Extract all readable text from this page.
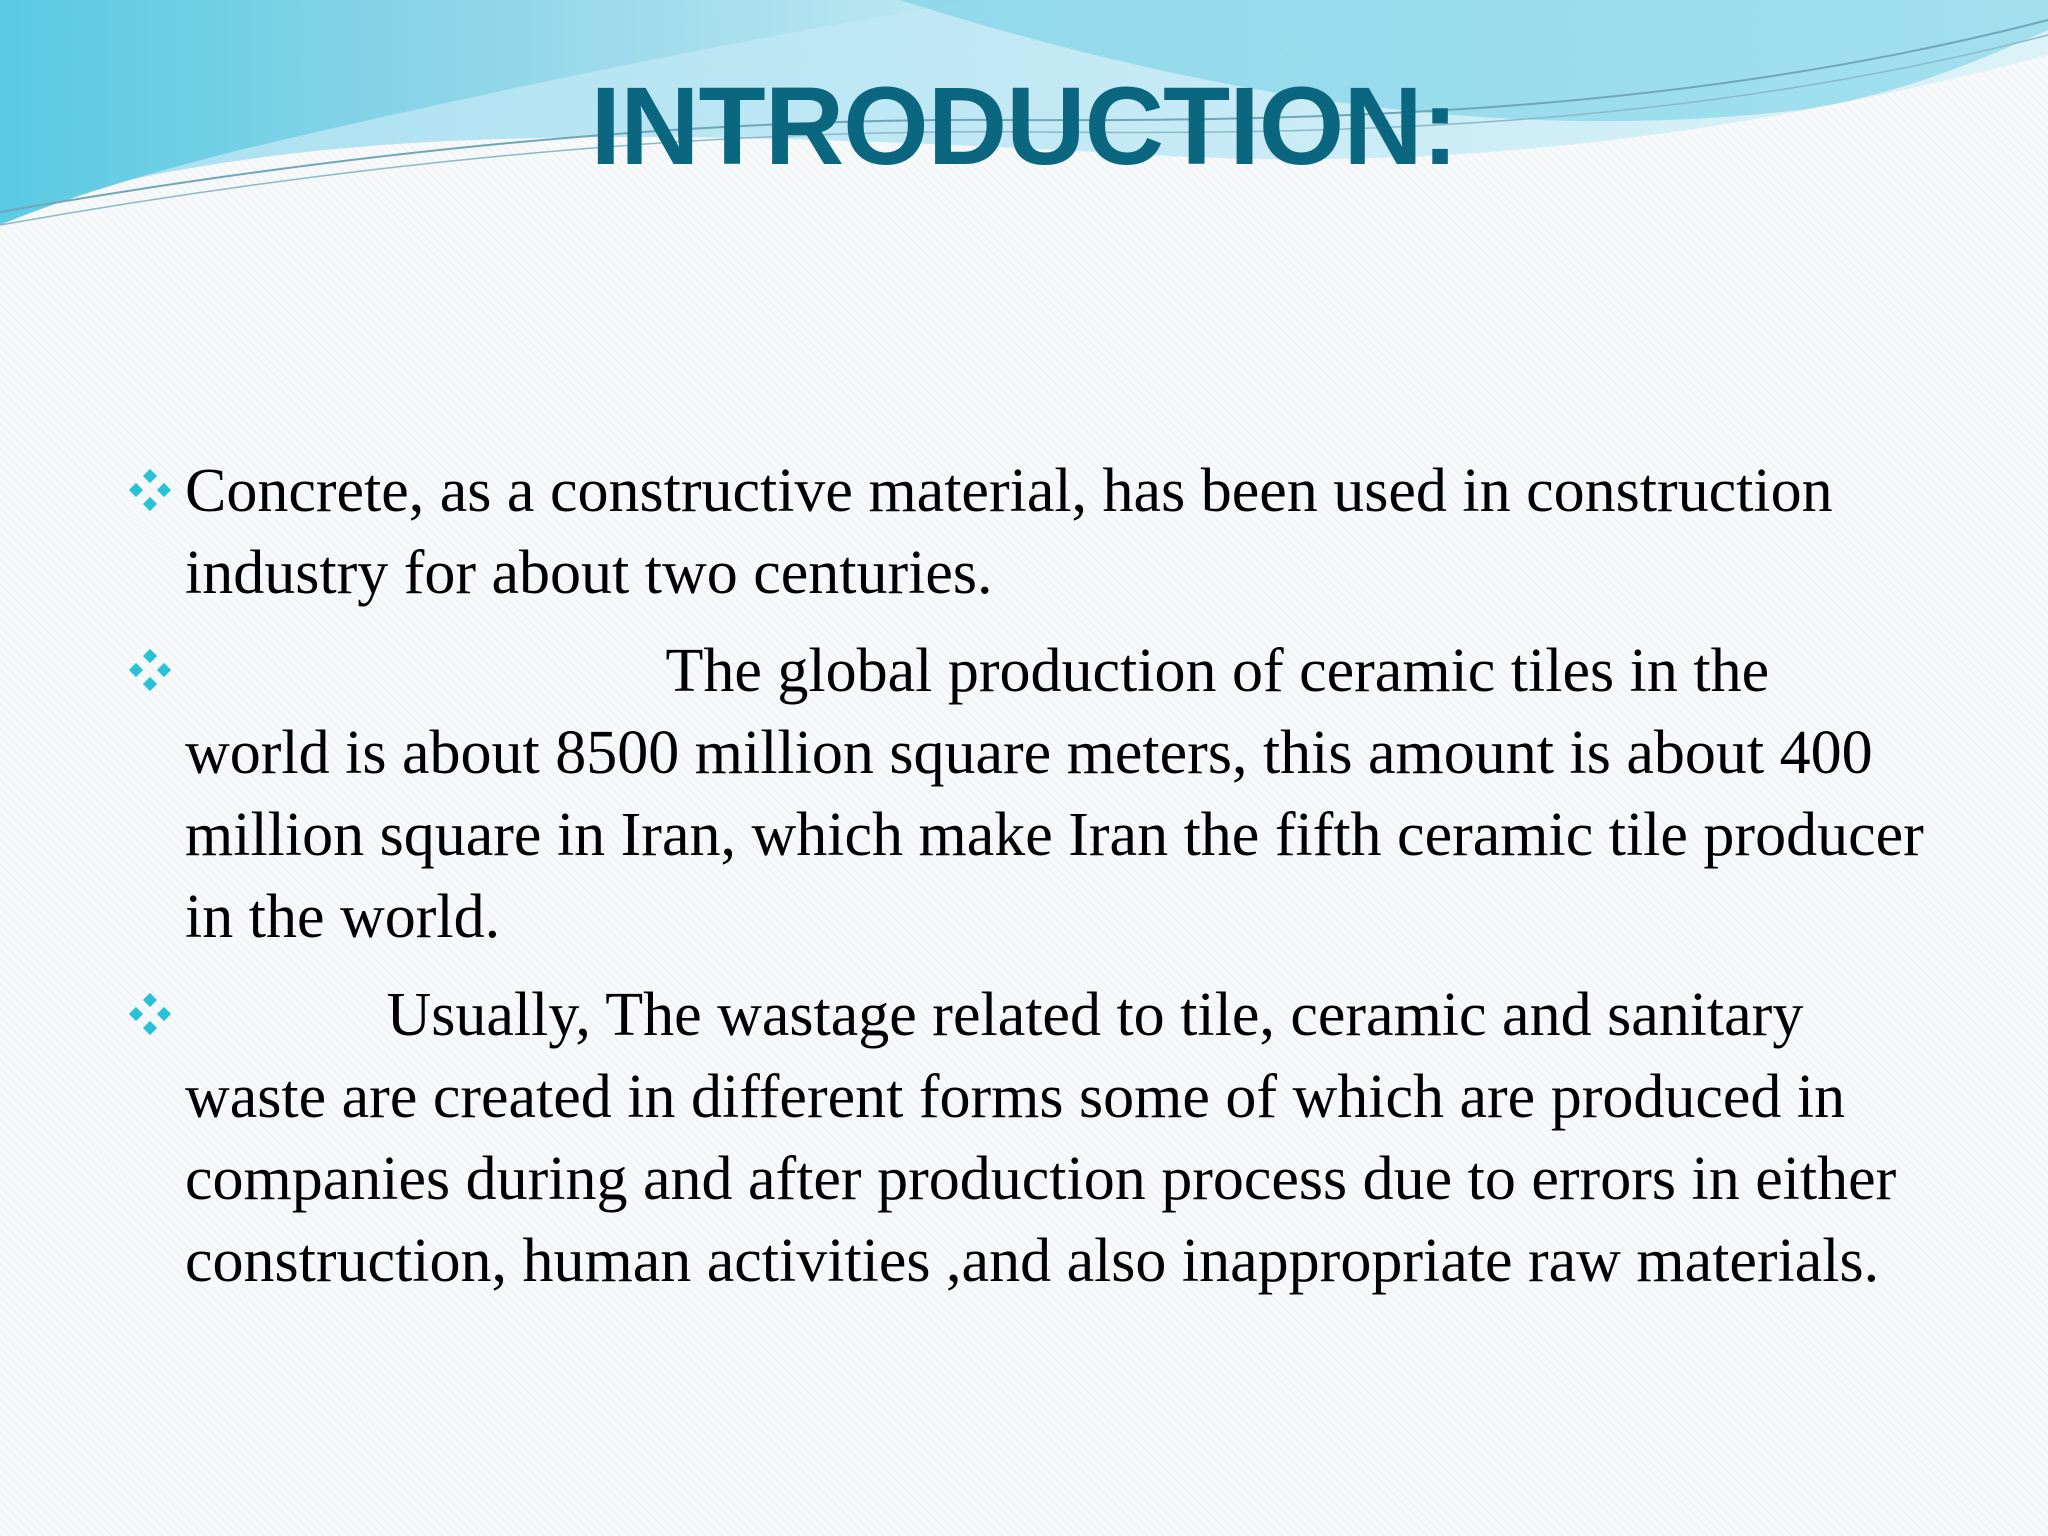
INTRODUCTION:
Concrete, as a constructive material, has been used in construction industry for about two centuries.
The global production of ceramic tiles in the world is about 8500 million square meters, this amount is about 400 million square in Iran, which make Iran the fifth ceramic tile producer in the world.
Usually, The wastage related to tile, ceramic and sanitary waste are created in different forms some of which are produced in companies during and after production process due to errors in either construction, human activities ,and also inappropriate raw materials.
